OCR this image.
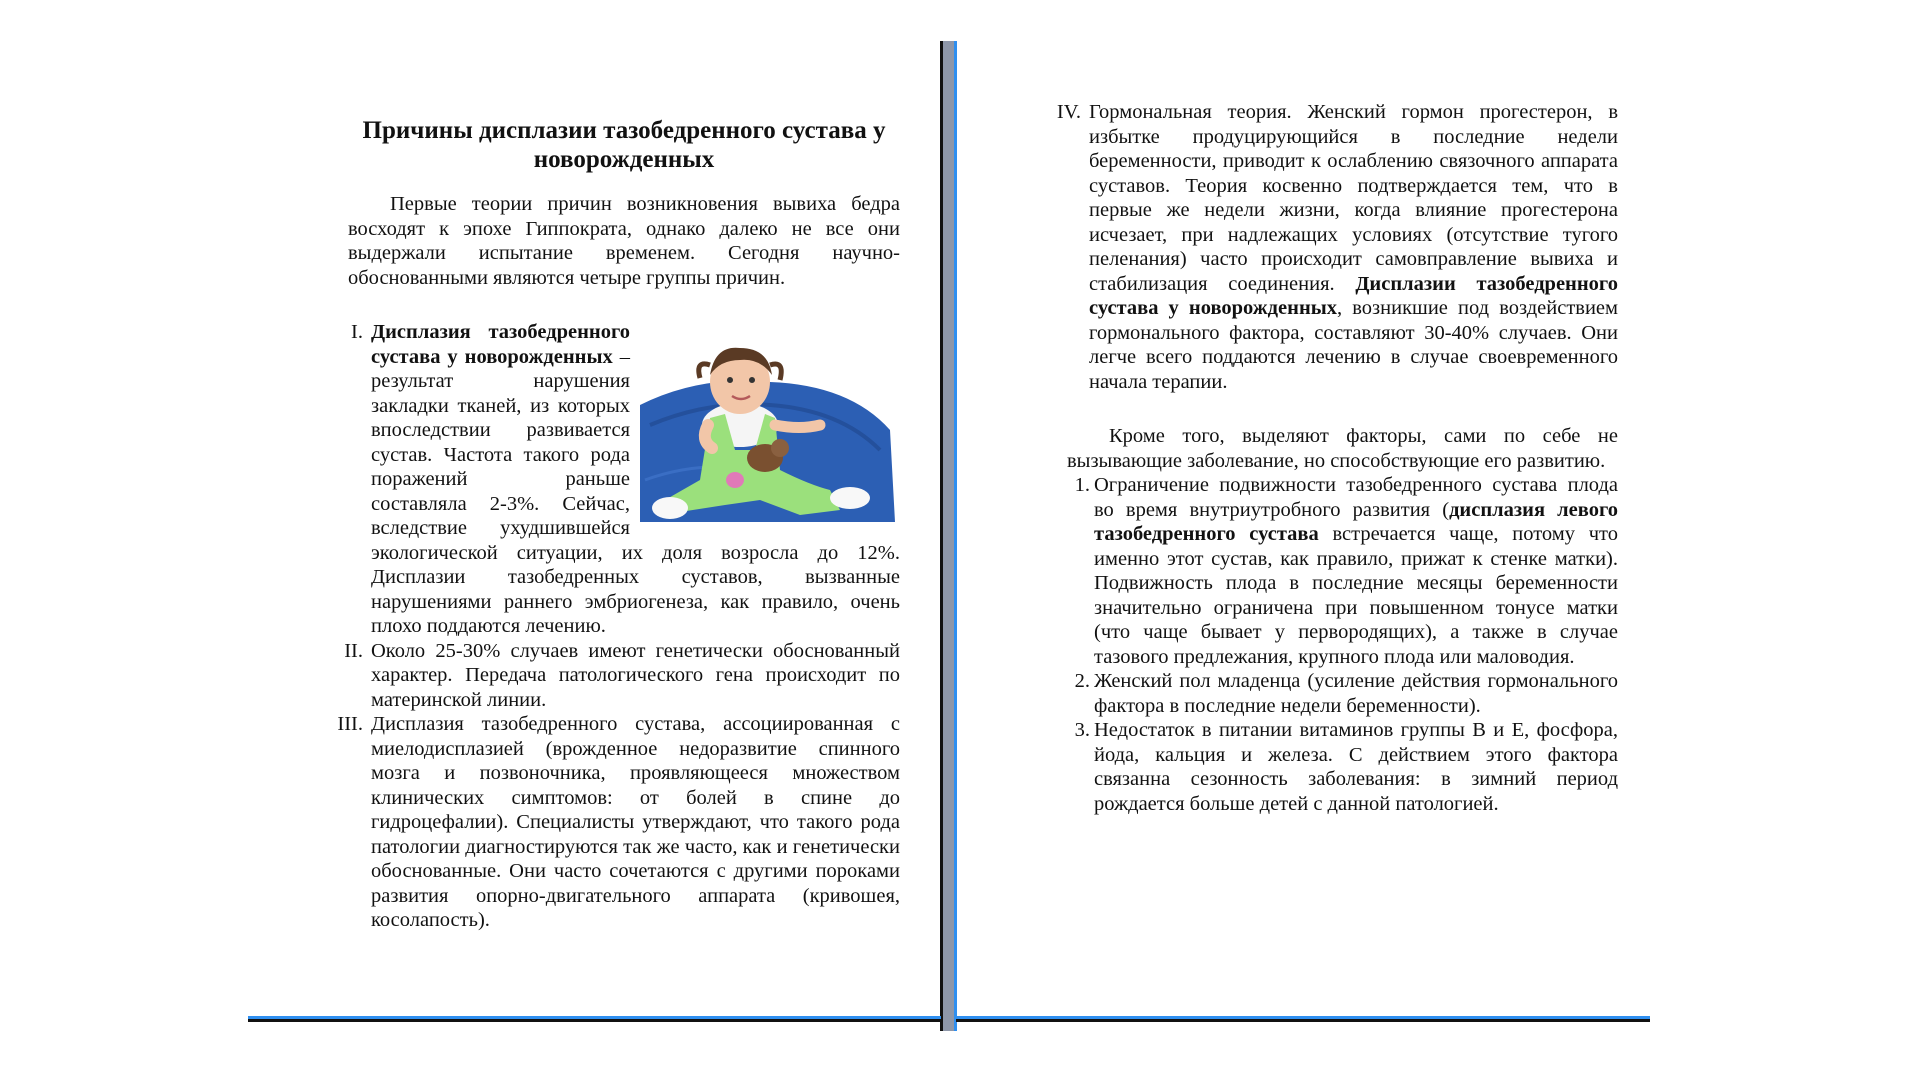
Причины дисплазии тазобедренного сустава у новорожденных

Первые теории причин возникновения вывиха бедра восходят к эпохе Гиппократа, однако далеко не все они выдержали испытание временем. Сегодня научно-обоснованными являются четыре группы причин.

I. Дисплазия тазобедренного сустава у новорожденных – результат нарушения закладки тканей, из которых впоследствии развивается сустав. Частота такого рода поражений раньше составляла 2-3%. Сейчас, вследствие ухудшившейся экологической ситуации, их доля возросла до 12%. Дисплазии тазобедренных суставов, вызванные нарушениями раннего эмбриогенеза, как правило, очень плохо поддаются лечению.
II. Около 25-30% случаев имеют генетически обоснованный характер. Передача патологического гена происходит по материнской линии.
III. Дисплазия тазобедренного сустава, ассоциированная с миелодисплазией (врожденное недоразвитие спинного мозга и позвоночника, проявляющееся множеством клинических симптомов: от болей в спине до гидроцефалии). Специалисты утверждают, что такого рода патологии диагностируются так же часто, как и генетически обоснованные. Они часто сочетаются с другими пороками развития опорно-двигательного аппарата (кривошея, косолапость).
IV. Гормональная теория. Женский гормон прогестерон, в избытке продуцирующийся в последние недели беременности, приводит к ослаблению связочного аппарата суставов. Теория косвенно подтверждается тем, что в первые же недели жизни, когда влияние прогестерона исчезает, при надлежащих условиях (отсутствие тугого пеленания) часто происходит самовправление вывиха и стабилизация соединения. Дисплазии тазобедренного сустава у новорожденных, возникшие под воздействием гормонального фактора, составляют 30-40% случаев. Они легче всего поддаются лечению в случае своевременного начала терапии.

Кроме того, выделяют факторы, сами по себе не вызывающие заболевание, но способствующие его развитию.

1. Ограничение подвижности тазобедренного сустава плода во время внутриутробного развития (дисплазия левого тазобедренного сустава встречается чаще, потому что именно этот сустав, как правило, прижат к стенке матки). Подвижность плода в последние месяцы беременности значительно ограничена при повышенном тонусе матки (что чаще бывает у первородящих), а также в случае тазового предлежания, крупного плода или маловодия.
2. Женский пол младенца (усиление действия гормонального фактора в последние недели беременности).
3. Недостаток в питании витаминов группы В и Е, фосфора, йода, кальция и железа. С действием этого фактора связанна сезонность заболевания: в зимний период рождается больше детей с данной патологией.
